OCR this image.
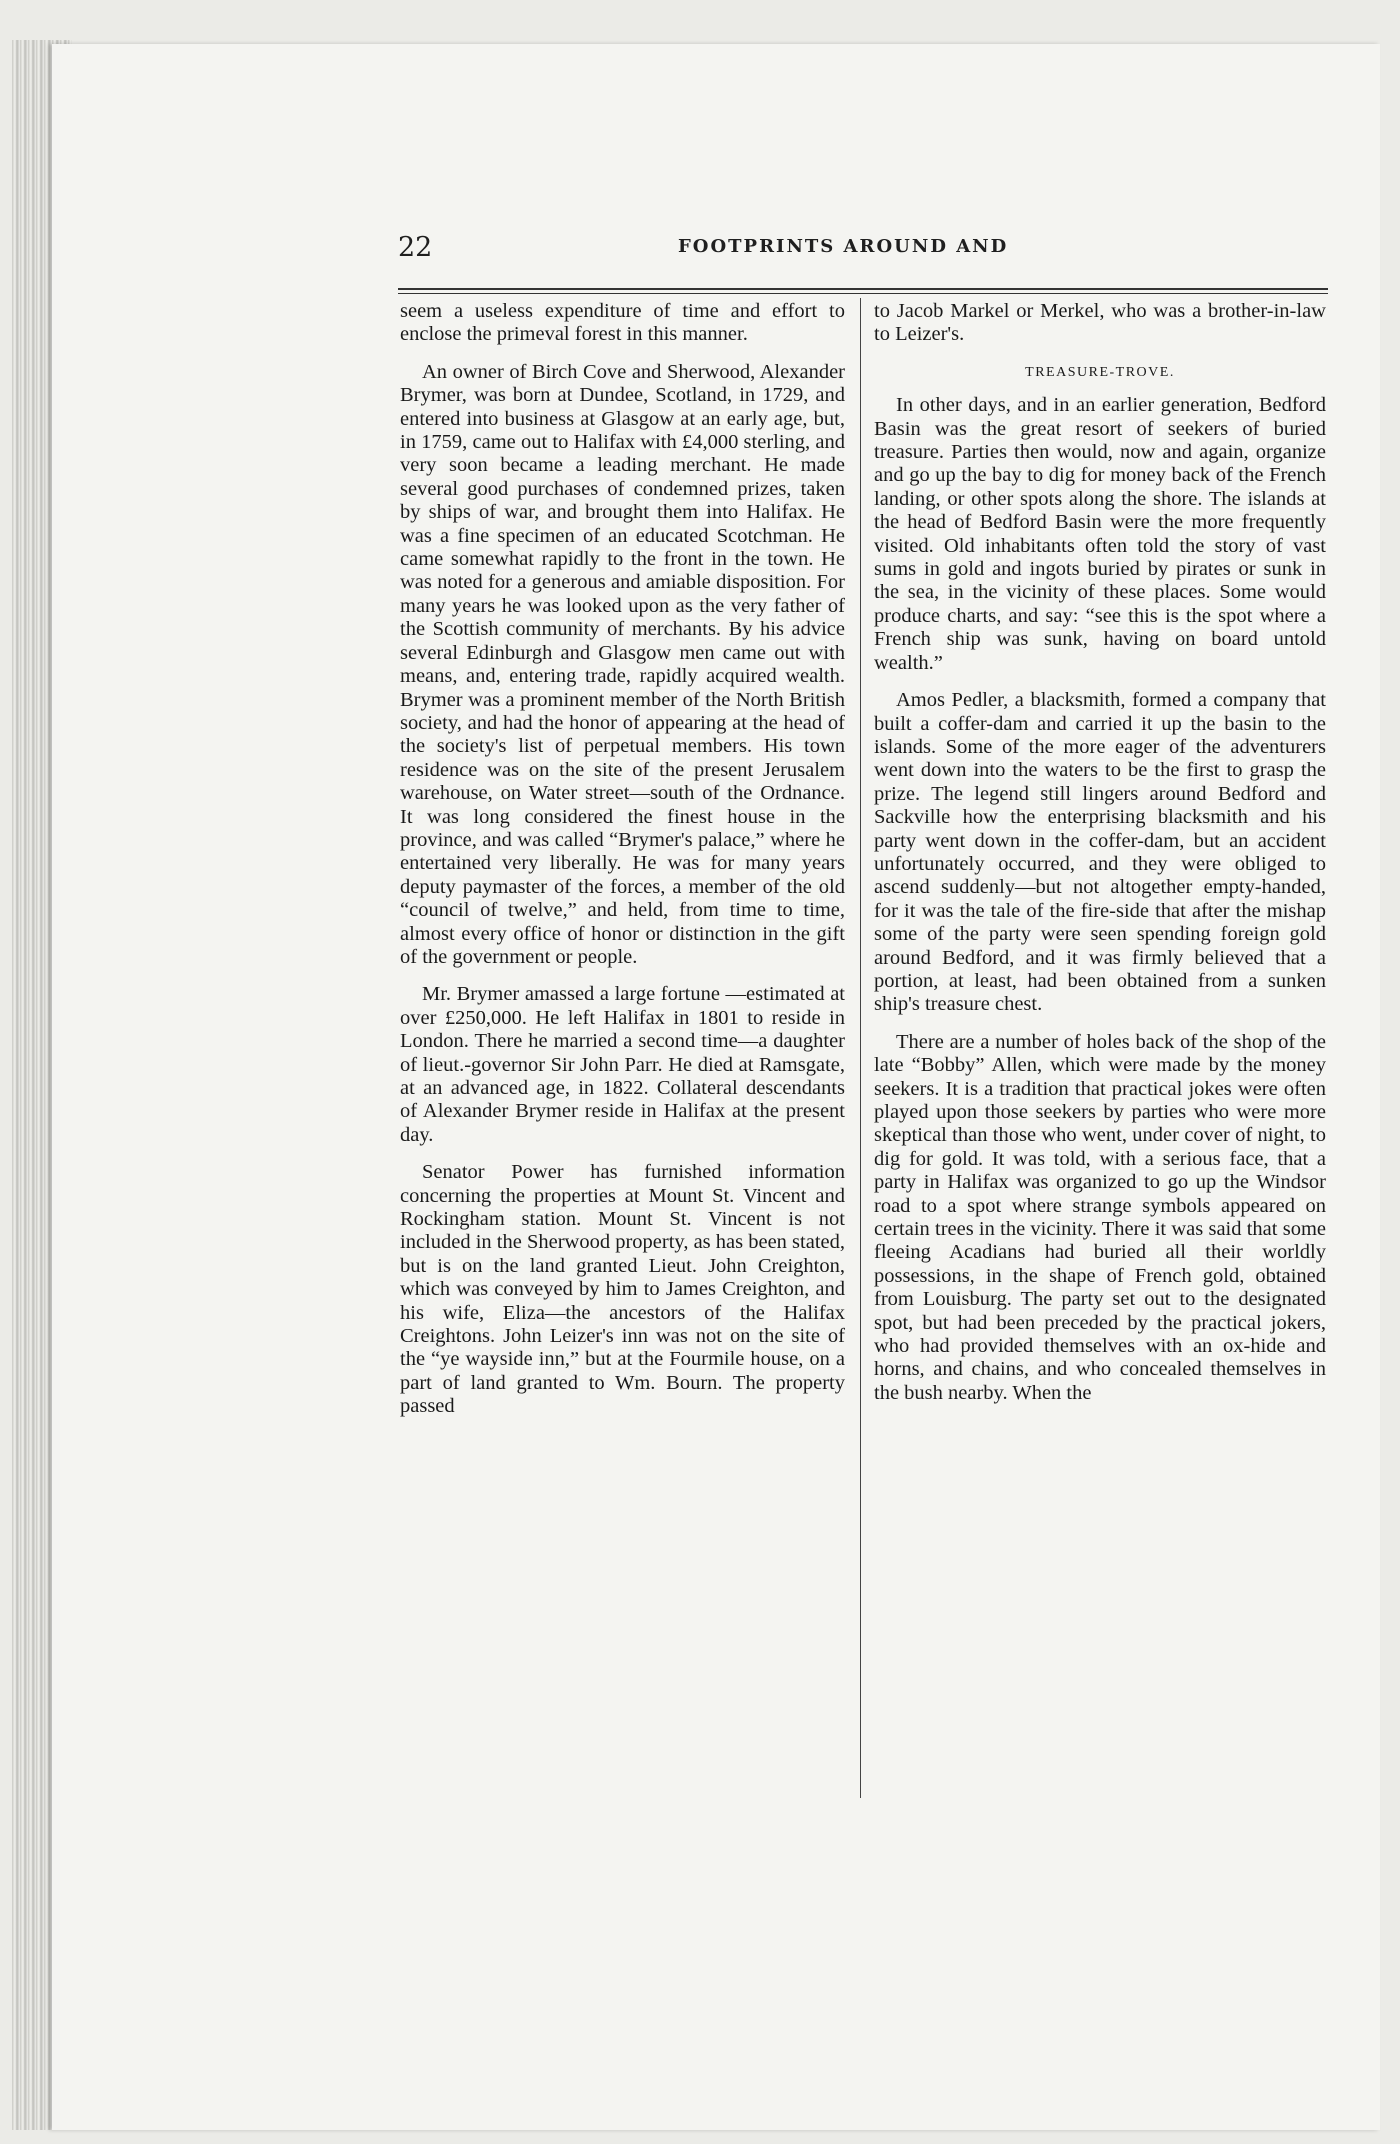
22	FOOTPRINTS AROUND AND

seem a useless expenditure of time and effort to enclose the primeval forest in this manner.

An owner of Birch Cove and Sherwood, Alexander Brymer, was born at Dundee, Scotland, in 1729, and entered into business at Glasgow at an early age, but, in 1759, came out to Halifax with £4,000 sterling, and very soon became a leading merchant. He made several good purchases of condemned prizes, taken by ships of war, and brought them into Halifax. He was a fine specimen of an educated Scotchman. He came somewhat rapidly to the front in the town. He was noted for a generous and amiable disposition. For many years he was looked upon as the very father of the Scottish community of merchants. By his advice several Edinburgh and Glasgow men came out with means, and, entering trade, rapidly acquired wealth. Brymer was a prominent member of the North British society, and had the honor of appearing at the head of the society's list of perpetual members. His town residence was on the site of the present Jerusalem warehouse, on Water street—south of the Ordnance. It was long considered the finest house in the province, and was called “Brymer's palace,” where he entertained very liberally. He was for many years deputy paymaster of the forces, a member of the old “council of twelve,” and held, from time to time, almost every office of honor or distinction in the gift of the government or people.

Mr. Brymer amassed a large fortune —estimated at over £250,000. He left Halifax in 1801 to reside in London. There he married a second time—a daughter of lieut.-governor Sir John Parr. He died at Ramsgate, at an advanced age, in 1822. Collateral descendants of Alexander Brymer reside in Halifax at the present day.

Senator Power has furnished information concerning the properties at Mount St. Vincent and Rockingham station. Mount St. Vincent is not included in the Sherwood property, as has been stated, but is on the land granted Lieut. John Creighton, which was conveyed by him to James Creighton, and his wife, Eliza—the ancestors of the Halifax Creightons. John Leizer's inn was not on the site of the “ye wayside inn,” but at the Fourmile house, on a part of land granted to Wm. Bourn. The property passed

to Jacob Markel or Merkel, who was a brother-in-law to Leizer's.

TREASURE-TROVE.

In other days, and in an earlier generation, Bedford Basin was the great resort of seekers of buried treasure. Parties then would, now and again, organize and go up the bay to dig for money back of the French landing, or other spots along the shore. The islands at the head of Bedford Basin were the more frequently visited. Old inhabitants often told the story of vast sums in gold and ingots buried by pirates or sunk in the sea, in the vicinity of these places. Some would produce charts, and say: “see this is the spot where a French ship was sunk, having on board untold wealth.”

Amos Pedler, a blacksmith, formed a company that built a coffer-dam and carried it up the basin to the islands. Some of the more eager of the adventurers went down into the waters to be the first to grasp the prize. The legend still lingers around Bedford and Sackville how the enterprising blacksmith and his party went down in the coffer-dam, but an accident unfortunately occurred, and they were obliged to ascend suddenly—but not altogether empty-handed, for it was the tale of the fire-side that after the mishap some of the party were seen spending foreign gold around Bedford, and it was firmly believed that a portion, at least, had been obtained from a sunken ship's treasure chest.

There are a number of holes back of the shop of the late “Bobby” Allen, which were made by the money seekers. It is a tradition that practical jokes were often played upon those seekers by parties who were more skeptical than those who went, under cover of night, to dig for gold. It was told, with a serious face, that a party in Halifax was organized to go up the Windsor road to a spot where strange symbols appeared on certain trees in the vicinity. There it was said that some fleeing Acadians had buried all their worldly possessions, in the shape of French gold, obtained from Louisburg. The party set out to the designated spot, but had been preceded by the practical jokers, who had provided themselves with an ox-hide and horns, and chains, and who concealed themselves in the bush nearby. When the
